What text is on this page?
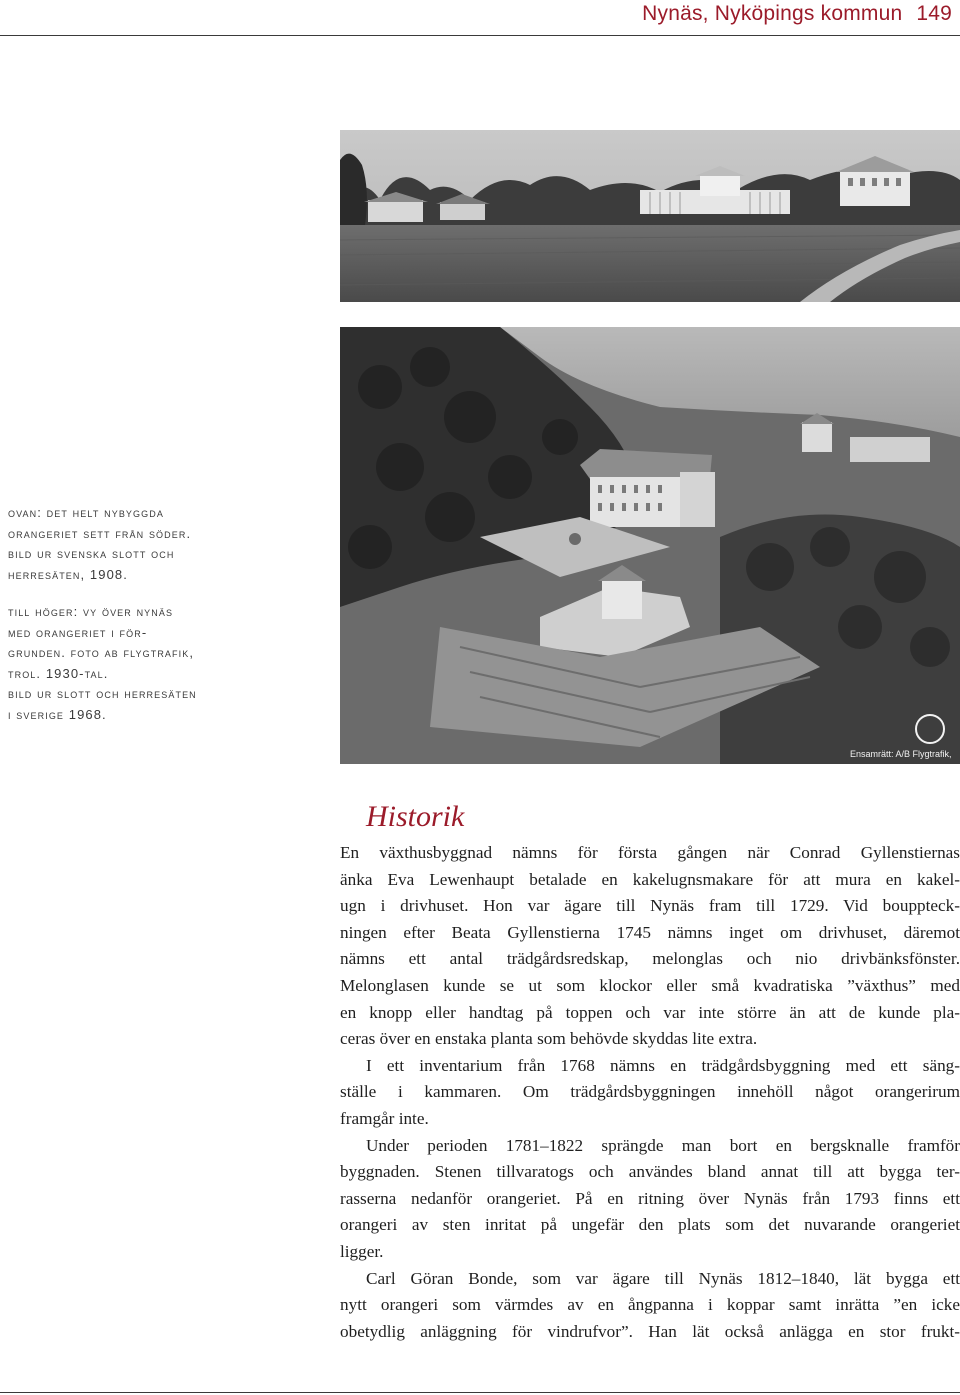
Nynäs, Nyköpings kommun 149
Ensamrätt: A/B Flygtrafik,
ovan: det helt nybyggda
orangeriet sett från söder.
bild ur svenska slott och
herresäten, 1908.
till höger: vy över nynäs
med orangeriet i för-
grunden. foto ab flygtrafik,
trol. 1930-tal.
bild ur slott och herresäten
i sverige 1968.
Historik
En växthusbyggnad nämns för första gången när Conrad Gyllenstiernas
änka Eva Lewenhaupt betalade en kakelugnsmakare för att mura en kakel-
ugn i drivhuset. Hon var ägare till Nynäs fram till 1729. Vid bouppteck-
ningen efter Beata Gyllenstierna 1745 nämns inget om drivhuset, däremot
nämns ett antal trädgårdsredskap, melonglas och nio drivbänksfönster.
Melonglasen kunde se ut som klockor eller små kvadratiska ”växthus” med
en knopp eller handtag på toppen och var inte större än att de kunde pla-
ceras över en enstaka planta som behövde skyddas lite extra.
I ett inventarium från 1768 nämns en trädgårdsbyggning med ett säng-
ställe i kammaren. Om trädgårdsbyggningen innehöll något orangerirum
framgår inte.
Under perioden 1781–1822 sprängde man bort en bergsknalle framför
byggnaden. Stenen tillvaratogs och användes bland annat till att bygga ter-
rasserna nedanför orangeriet. På en ritning över Nynäs från 1793 finns ett
orangeri av sten inritat på ungefär den plats som det nuvarande orangeriet
ligger.
Carl Göran Bonde, som var ägare till Nynäs 1812–1840, lät bygga ett
nytt orangeri som värmdes av en ångpanna i koppar samt inrätta ”en icke
obetydlig anläggning för vindrufvor”. Han lät också anlägga en stor frukt-
